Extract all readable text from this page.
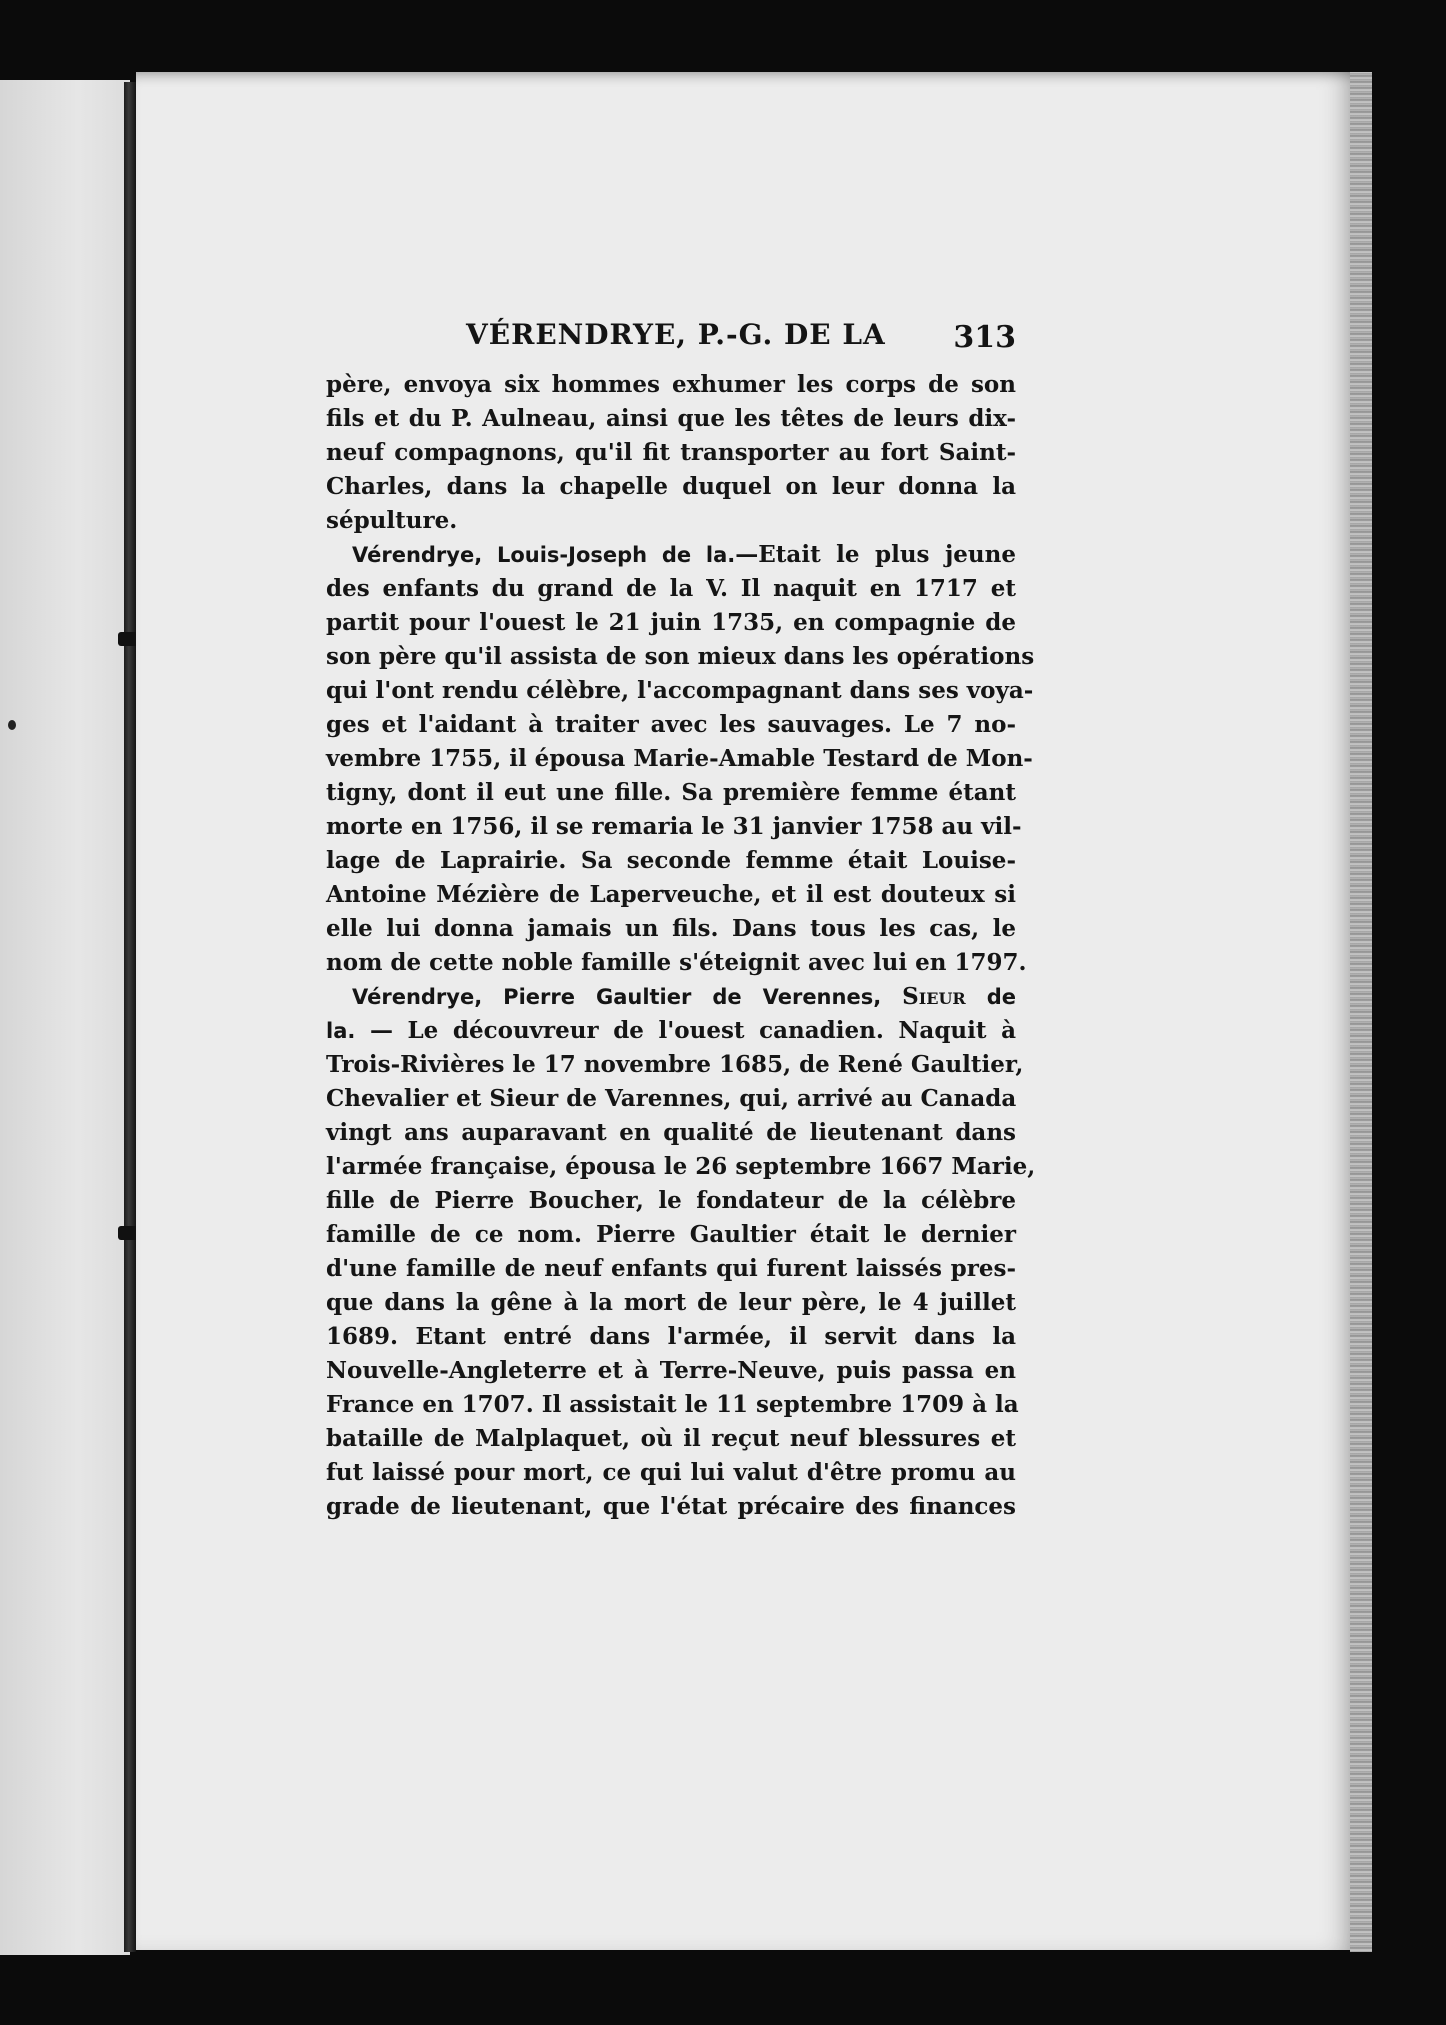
VÉRENDRYE, P.-G. DE LA 313
père, envoya six hommes exhumer les corps de son
fils et du P. Aulneau, ainsi que les têtes de leurs dix-
neuf compagnons, qu'il fit transporter au fort Saint-
Charles, dans la chapelle duquel on leur donna la
sépulture.
Vérendrye, Louis-Joseph de la.—Etait le plus jeune
des enfants du grand de la V. Il naquit en 1717 et
partit pour l'ouest le 21 juin 1735, en compagnie de
son père qu'il assista de son mieux dans les opérations
qui l'ont rendu célèbre, l'accompagnant dans ses voya-
ges et l'aidant à traiter avec les sauvages. Le 7 no-
vembre 1755, il épousa Marie-Amable Testard de Mon-
tigny, dont il eut une fille. Sa première femme étant
morte en 1756, il se remaria le 31 janvier 1758 au vil-
lage de Laprairie. Sa seconde femme était Louise-
Antoine Mézière de Laperveuche, et il est douteux si
elle lui donna jamais un fils. Dans tous les cas, le
nom de cette noble famille s'éteignit avec lui en 1797.
Vérendrye, Pierre Gaultier de Verennes, Sieur de
la. — Le découvreur de l'ouest canadien. Naquit à
Trois-Rivières le 17 novembre 1685, de René Gaultier,
Chevalier et Sieur de Varennes, qui, arrivé au Canada
vingt ans auparavant en qualité de lieutenant dans
l'armée française, épousa le 26 septembre 1667 Marie,
fille de Pierre Boucher, le fondateur de la célèbre
famille de ce nom. Pierre Gaultier était le dernier
d'une famille de neuf enfants qui furent laissés pres-
que dans la gêne à la mort de leur père, le 4 juillet
1689. Etant entré dans l'armée, il servit dans la
Nouvelle-Angleterre et à Terre-Neuve, puis passa en
France en 1707. Il assistait le 11 septembre 1709 à la
bataille de Malplaquet, où il reçut neuf blessures et
fut laissé pour mort, ce qui lui valut d'être promu au
grade de lieutenant, que l'état précaire des finances
